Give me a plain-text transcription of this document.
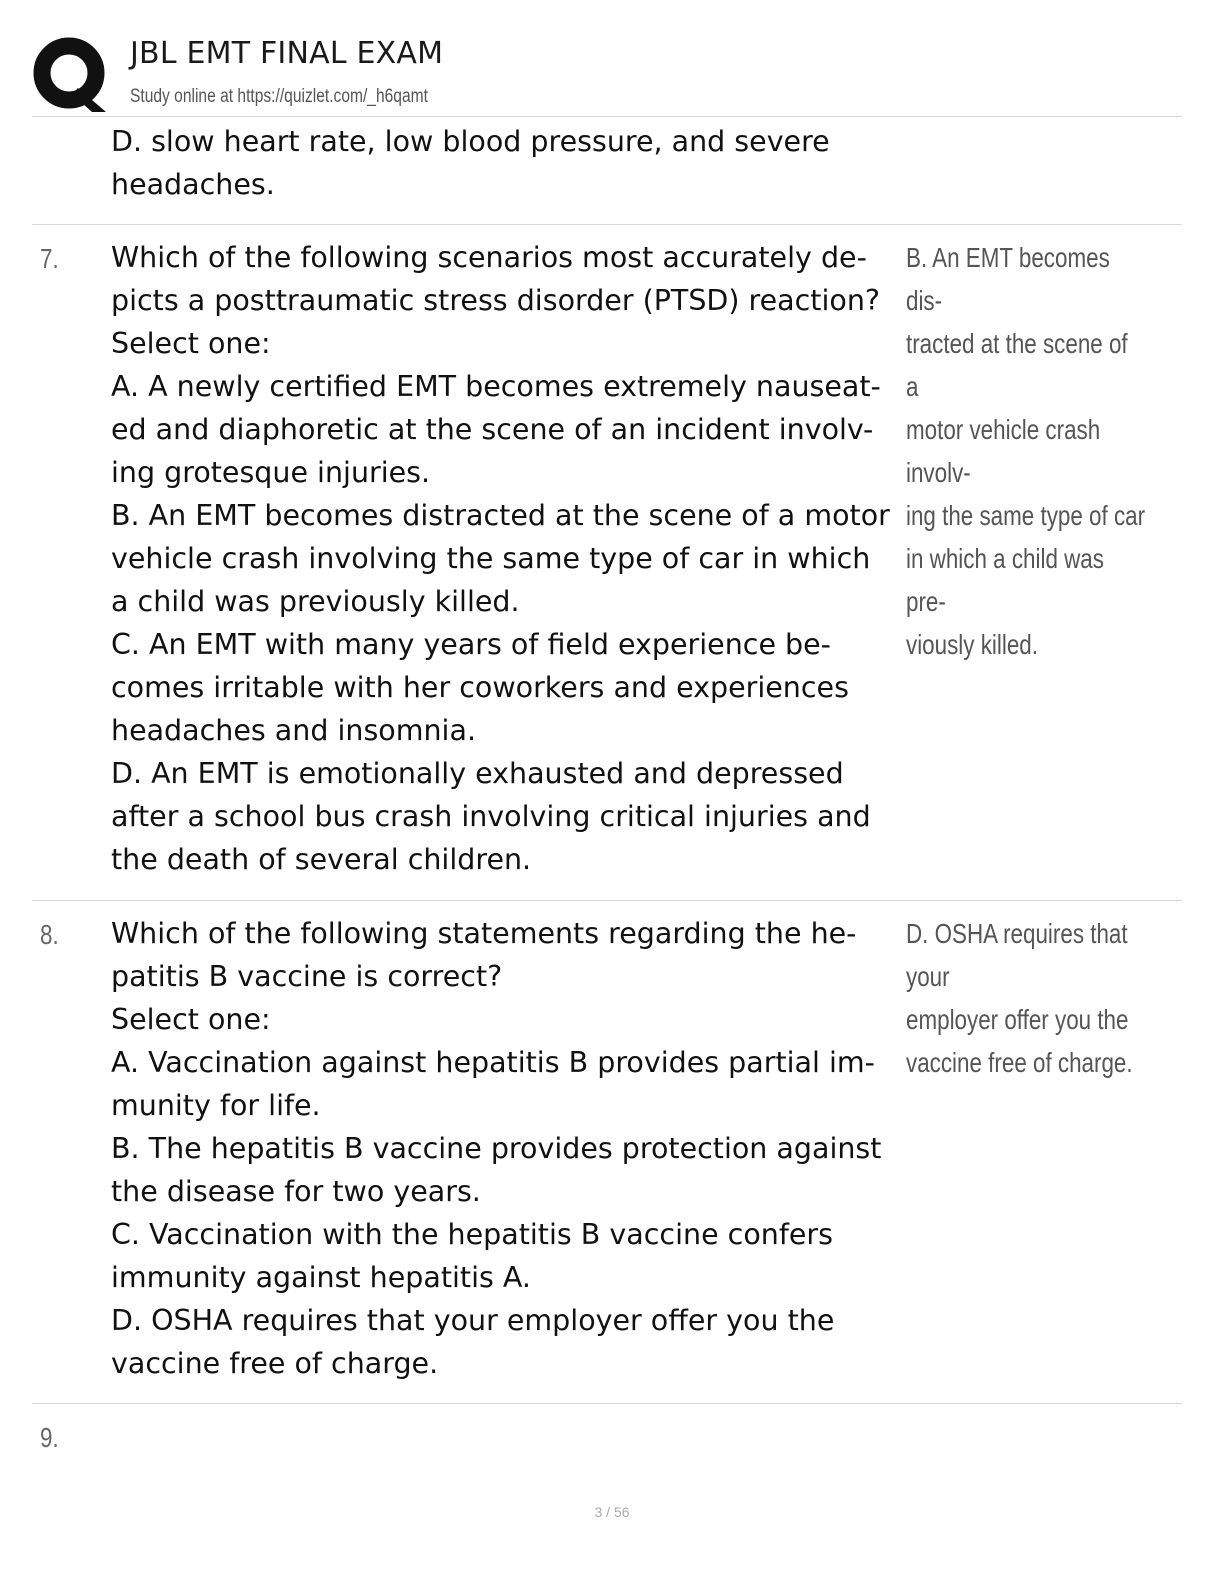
JBL EMT FINAL EXAM
Study online at https://quizlet.com/_h6qamt
D. slow heart rate, low blood pressure, and severe
headaches.
7. Which of the following scenarios most accurately de-
picts a posttraumatic stress disorder (PTSD) reaction?
Select one:
A. A newly certified EMT becomes extremely nauseat-
ed and diaphoretic at the scene of an incident involv-
ing grotesque injuries.
B. An EMT becomes distracted at the scene of a motor
vehicle crash involving the same type of car in which
a child was previously killed.
C. An EMT with many years of field experience be-
comes irritable with her coworkers and experiences
headaches and insomnia.
D. An EMT is emotionally exhausted and depressed
after a school bus crash involving critical injuries and
the death of several children.
B. An EMT becomes dis-
tracted at the scene of a
motor vehicle crash involv-
ing the same type of car
in which a child was pre-
viously killed.
8. Which of the following statements regarding the he-
patitis B vaccine is correct?
Select one:
A. Vaccination against hepatitis B provides partial im-
munity for life.
B. The hepatitis B vaccine provides protection against
the disease for two years.
C. Vaccination with the hepatitis B vaccine confers
immunity against hepatitis A.
D. OSHA requires that your employer offer you the
vaccine free of charge.
D. OSHA requires that your
employer offer you the
vaccine free of charge.
9.
3 / 56
